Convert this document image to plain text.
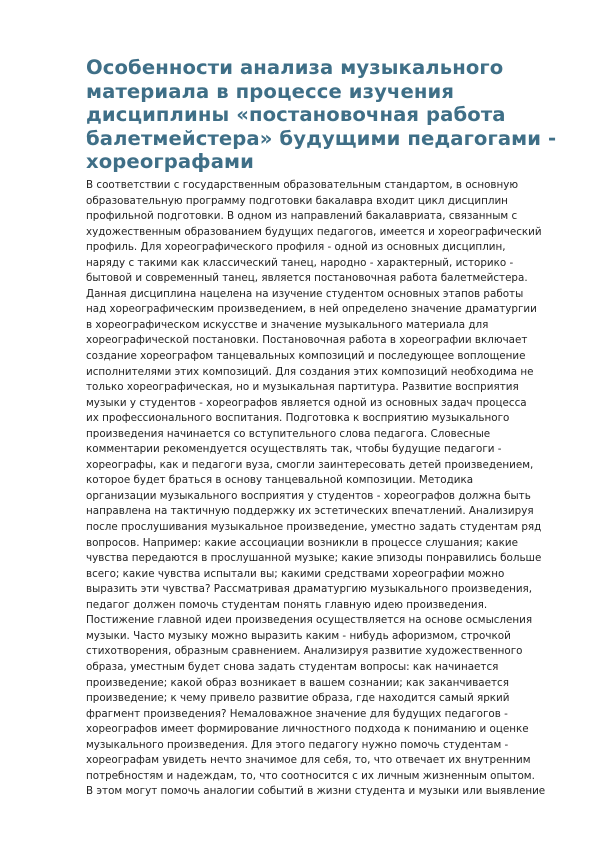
Особенности анализа музыкального
материала в процессе изучения
дисциплины «постановочная работа
балетмейстера» будущими педагогами -
хореографами
В соответствии с государственным образовательным стандартом, в основную
образовательную программу подготовки бакалавра входит цикл дисциплин
профильной подготовки. В одном из направлений бакалавриата, связанным с
художественным образованием будущих педагогов, имеется и хореографический
профиль. Для хореографического профиля - одной из основных дисциплин,
наряду с такими как классический танец, народно - характерный, историко -
бытовой и современный танец, является постановочная работа балетмейстера.
Данная дисциплина нацелена на изучение студентом основных этапов работы
над хореографическим произведением, в ней определено значение драматургии
в хореографическом искусстве и значение музыкального материала для
хореографической постановки. Постановочная работа в хореографии включает
создание хореографом танцевальных композиций и последующее воплощение
исполнителями этих композиций. Для создания этих композиций необходима не
только хореографическая, но и музыкальная партитура. Развитие восприятия
музыки у студентов - хореографов является одной из основных задач процесса
их профессионального воспитания. Подготовка к восприятию музыкального
произведения начинается со вступительного слова педагога. Словесные
комментарии рекомендуется осуществлять так, чтобы будущие педагоги -
хореографы, как и педагоги вуза, смогли заинтересовать детей произведением,
которое будет браться в основу танцевальной композиции. Методика
организации музыкального восприятия у студентов - хореографов должна быть
направлена на тактичную поддержку их эстетических впечатлений. Анализируя
после прослушивания музыкальное произведение, уместно задать студентам ряд
вопросов. Например: какие ассоциации возникли в процессе слушания; какие
чувства передаются в прослушанной музыке; какие эпизоды понравились больше
всего; какие чувства испытали вы; какими средствами хореографии можно
выразить эти чувства? Рассматривая драматургию музыкального произведения,
педагог должен помочь студентам понять главную идею произведения.
Постижение главной идеи произведения осуществляется на основе осмысления
музыки. Часто музыку можно выразить каким - нибудь афоризмом, строчкой
стихотворения, образным сравнением. Анализируя развитие художественного
образа, уместным будет снова задать студентам вопросы: как начинается
произведение; какой образ возникает в вашем сознании; как заканчивается
произведение; к чему привело развитие образа, где находится самый яркий
фрагмент произведения? Немаловажное значение для будущих педагогов -
хореографов имеет формирование личностного подхода к пониманию и оценке
музыкального произведения. Для этого педагогу нужно помочь студентам -
хореографам увидеть нечто значимое для себя, то, что отвечает их внутренним
потребностям и надеждам, то, что соотносится с их личным жизненным опытом.
В этом могут помочь аналогии событий в жизни студента и музыки или выявление
